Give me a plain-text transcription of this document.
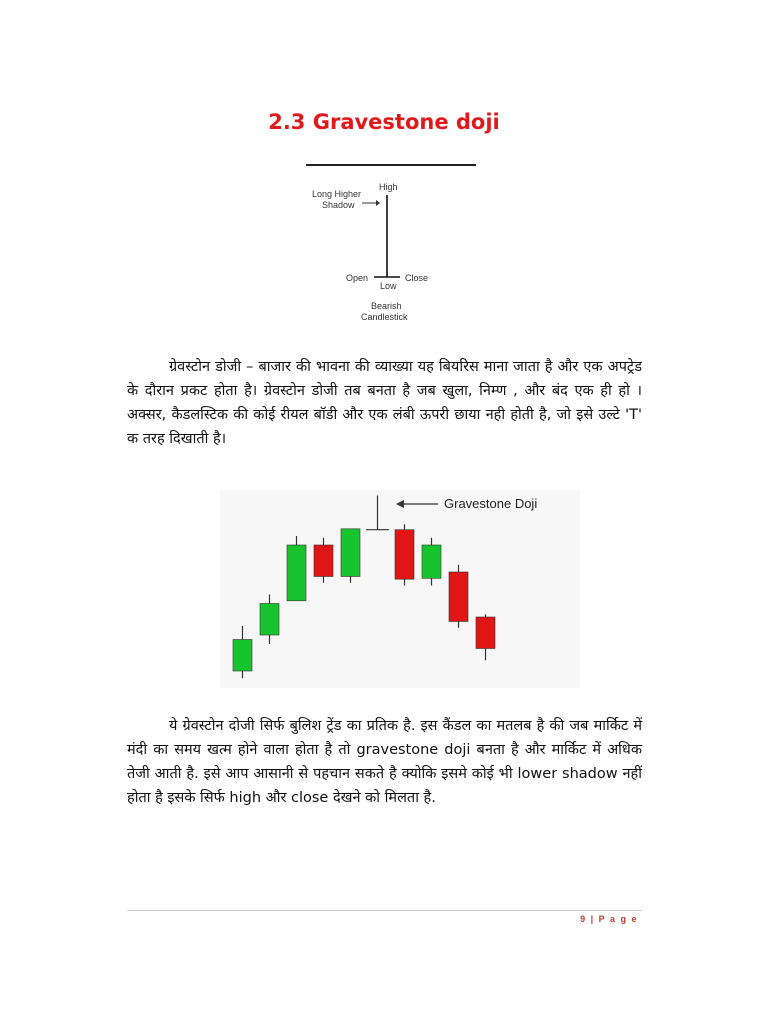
2.3 Gravestone doji
Long Higher
Shadow
High
Open	Close
Low
Bearish
Candlestick
ग्रेवस्टोन डोजी – बाजार की भावना की व्याख्या यह बियरिस माना जाता है और एक अपट्रेड के दौरान प्रकट होता है। ग्रेवस्टोन डोजी तब बनता है जब खुला, निम्ण , और बंद एक ही हो । अक्सर, कैडलस्टिक की कोई रीयल बॉडी और एक लंबी ऊपरी छाया नही होती है, जो इसे उल्टे 'T' क तरह दिखाती है।
Gravestone Doji
ये ग्रेवस्टोन दोजी सिर्फ बुलिश ट्रेंड का प्रतिक है. इस कैंडल का मतलब है की जब मार्किट में मंदी का समय खत्म होने वाला होता है तो gravestone doji बनता है और मार्किट में अधिक तेजी आती है. इसे आप आसानी से पहचान सकते है क्योकि इसमे कोई भी lower shadow नहीं होता है इसके सिर्फ high और close देखने को मिलता है.
9 | P a g e
